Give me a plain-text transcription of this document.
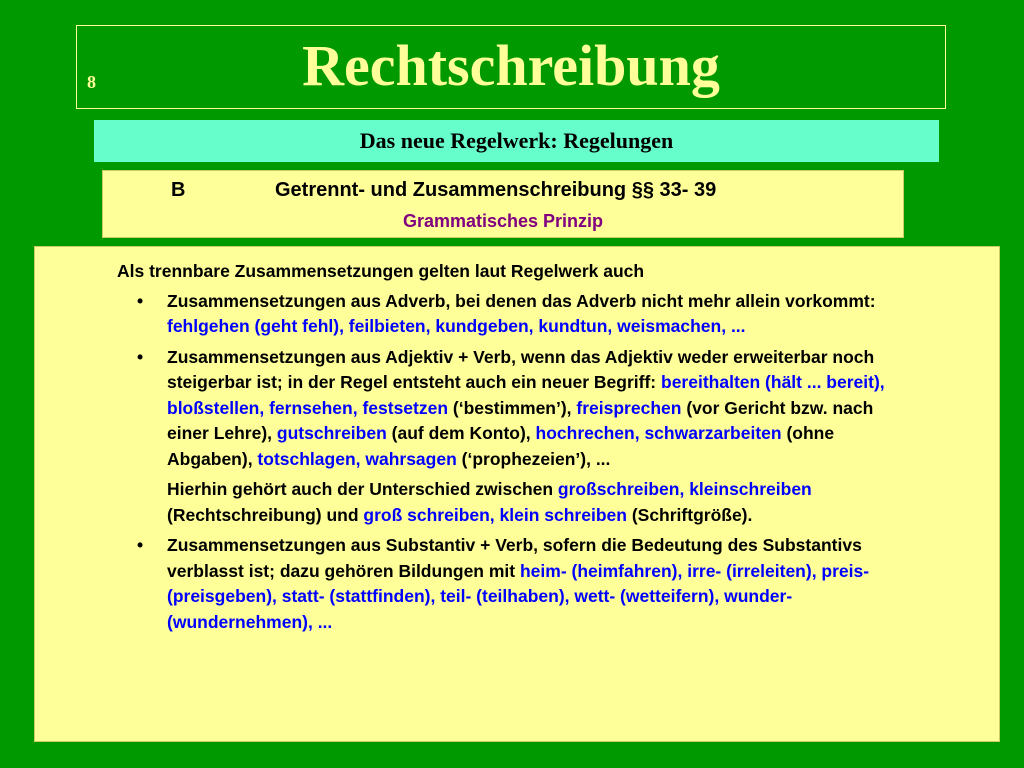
8	Rechtschreibung
Das neue Regelwerk: Regelungen
B	Getrennt- und Zusammenschreibung §§ 33- 39
Grammatisches Prinzip

Als trennbare Zusammensetzungen gelten laut Regelwerk auch

• Zusammensetzungen aus Adverb, bei denen das Adverb nicht mehr allein vorkommt: fehlgehen (geht fehl), feilbieten, kundgeben, kundtun, weismachen, ...
• Zusammensetzungen aus Adjektiv + Verb, wenn das Adjektiv weder erweiterbar noch steigerbar ist; in der Regel entsteht auch ein neuer Begriff: bereithalten (hält ... bereit), bloßstellen, fernsehen, festsetzen (‘bestimmen’), freisprechen (vor Gericht bzw. nach einer Lehre), gutschreiben (auf dem Konto), hochrechen, schwarzarbeiten (ohne Abgaben), totschlagen, wahrsagen (‘prophezeien’), ...

Hierhin gehört auch der Unterschied zwischen großschreiben, kleinschreiben (Rechtschreibung) und groß schreiben, klein schreiben (Schriftgröße).

• Zusammensetzungen aus Substantiv + Verb, sofern die Bedeutung des Substantivs verblasst ist; dazu gehören Bildungen mit heim- (heimfahren), irre- (irreleiten), preis- (preisgeben), statt- (stattfinden), teil- (teilhaben), wett- (wetteifern), wunder- (wundernehmen), ...
